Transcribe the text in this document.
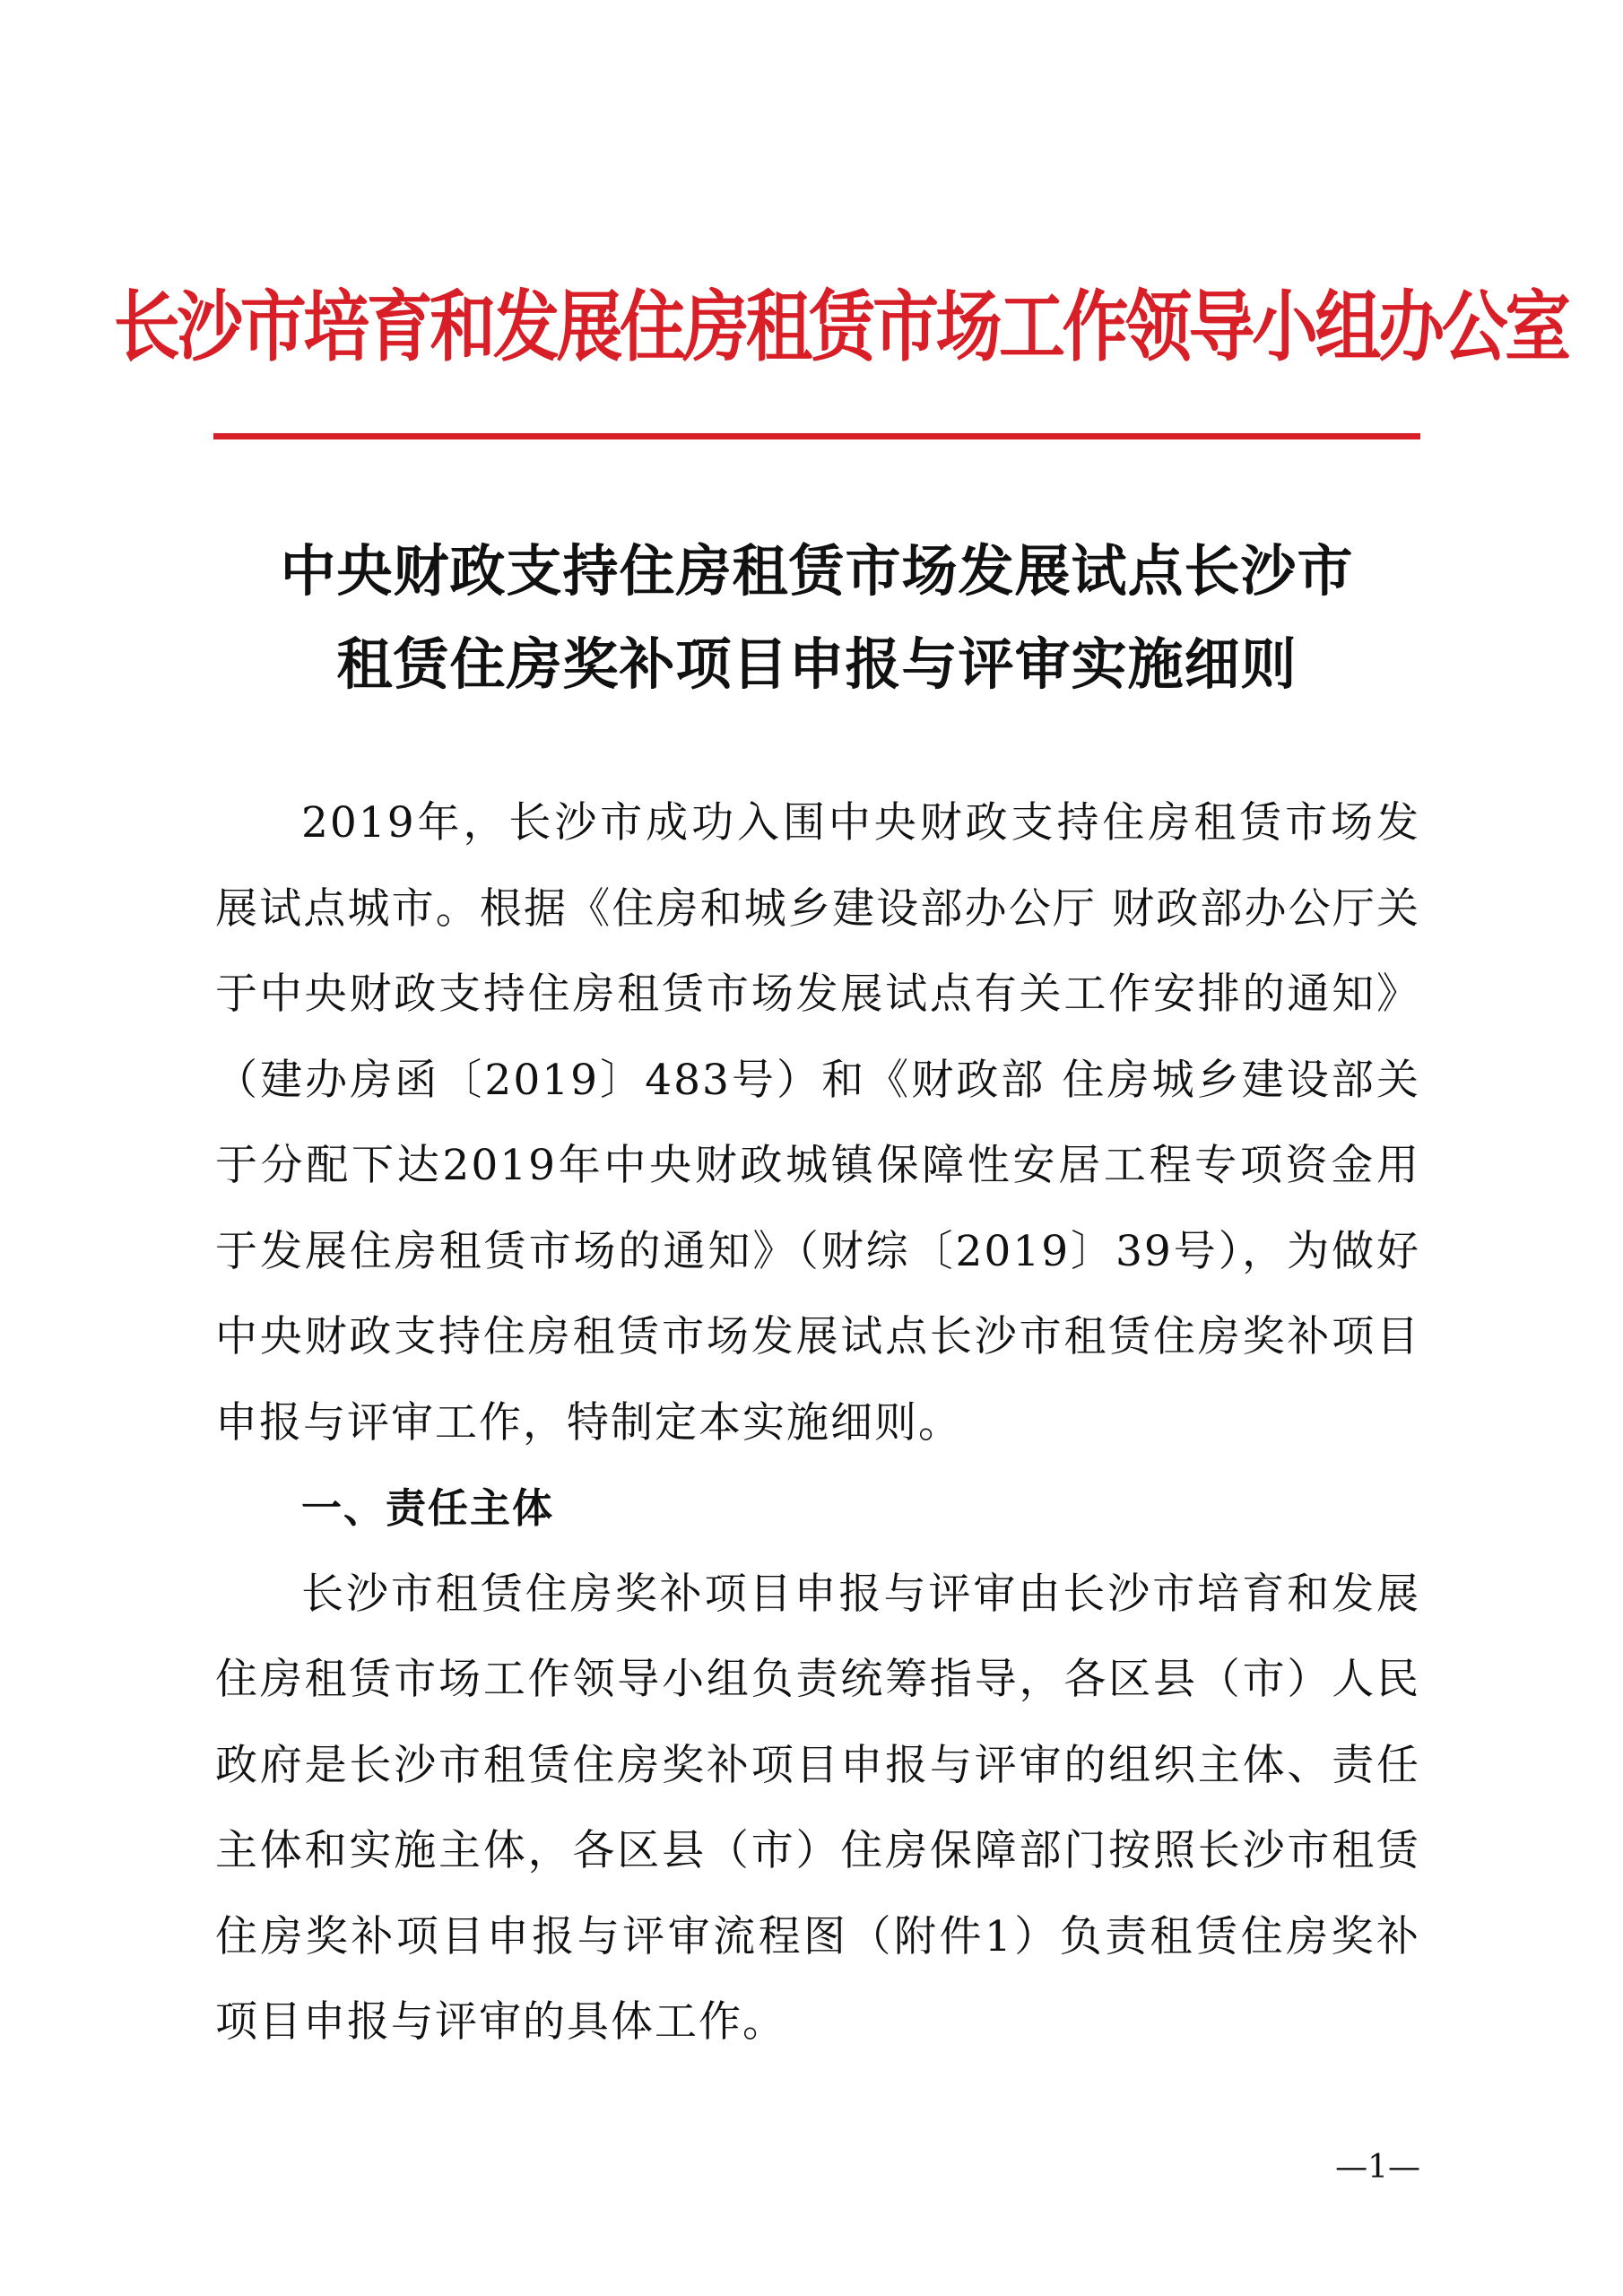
长沙市培育和发展住房租赁市场工作领导小组办公室
中央财政支持住房租赁市场发展试点长沙市
租赁住房奖补项目申报与评审实施细则

2019年，长沙市成功入围中央财政支持住房租赁市场发展试点城市。根据《住房和城乡建设部办公厅 财政部办公厅关于中央财政支持住房租赁市场发展试点有关工作安排的通知》（建办房函〔2019〕483号）和《财政部 住房城乡建设部关于分配下达2019年中央财政城镇保障性安居工程专项资金用于发展住房租赁市场的通知》（财综〔2019〕39号），为做好中央财政支持住房租赁市场发展试点长沙市租赁住房奖补项目申报与评审工作，特制定本实施细则。

一、责任主体

长沙市租赁住房奖补项目申报与评审由长沙市培育和发展住房租赁市场工作领导小组负责统筹指导，各区县（市）人民政府是长沙市租赁住房奖补项目申报与评审的组织主体、责任主体和实施主体，各区县（市）住房保障部门按照长沙市租赁住房奖补项目申报与评审流程图（附件1）负责租赁住房奖补项目申报与评审的具体工作。

—1—
